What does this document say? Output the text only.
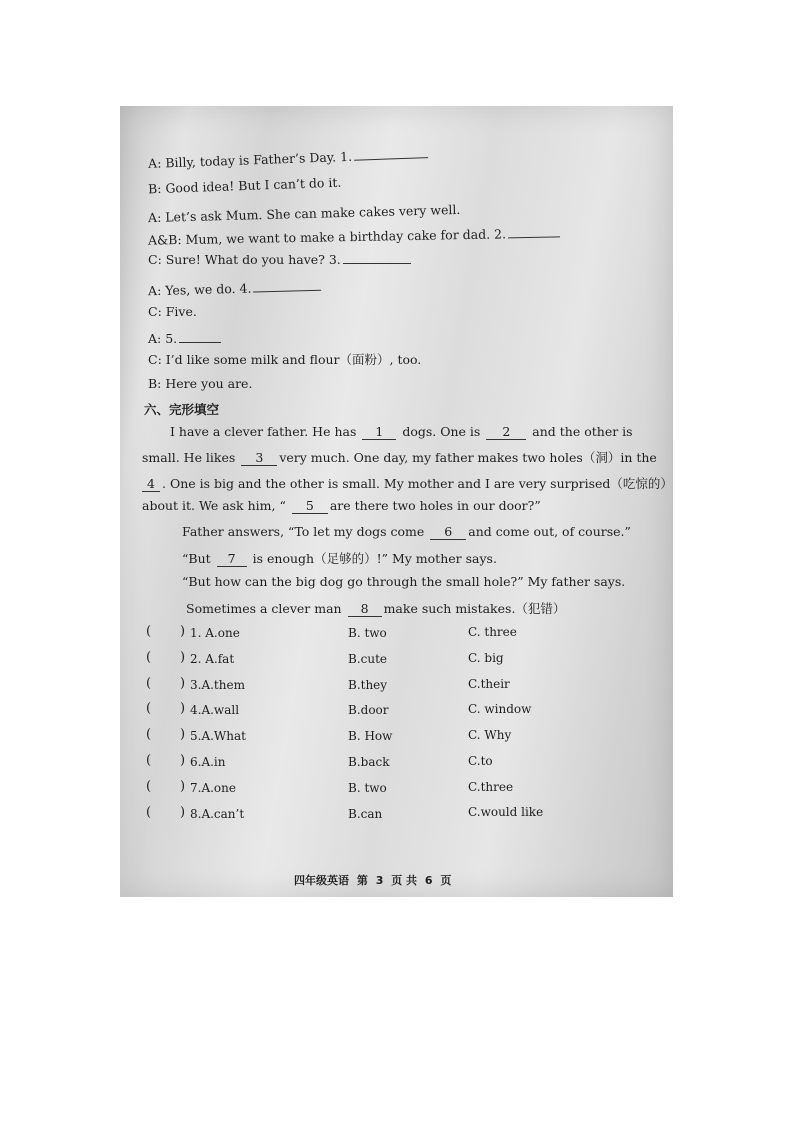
A: Billy, today is Father’s Day. 1.
B: Good idea! But I can’t do it.
A: Let’s ask Mum. She can make cakes very well.
A&B: Mum, we want to make a birthday cake for dad. 2.
C: Sure! What do you have? 3.
A: Yes, we do. 4.
C: Five.
A: 5.
C: I’d like some milk and flour（面粉）, too.
B: Here you are.
六、完形填空
I have a clever father. He has 1 dogs. One is 2 and the other is
small. He likes 3 very much. One day, my father makes two holes（洞）in the
4 . One is big and the other is small. My mother and I are very surprised（吃惊的）
about it. We ask him, “ 5 are there two holes in our door?”
Father answers, “To let my dogs come 6 and come out, of course.”
“But 7 is enough（足够的）!” My mother says.
“But how can the big dog go through the small hole?” My father says.
Sometimes a clever man 8 make such mistakes.（犯错）
( ) 1. A.one	B. two	C. three
( ) 2. A.fat	B.cute	C. big
( ) 3.A.them	B.they	C.their
( ) 4.A.wall	B.door	C. window
( ) 5.A.What	B. How	C. Why
( ) 6.A.in	B.back	C.to
( ) 7.A.one	B. two	C.three
( ) 8.A.can’t	B.can	C.would like
四年级英语 第 3 页 共 6 页
